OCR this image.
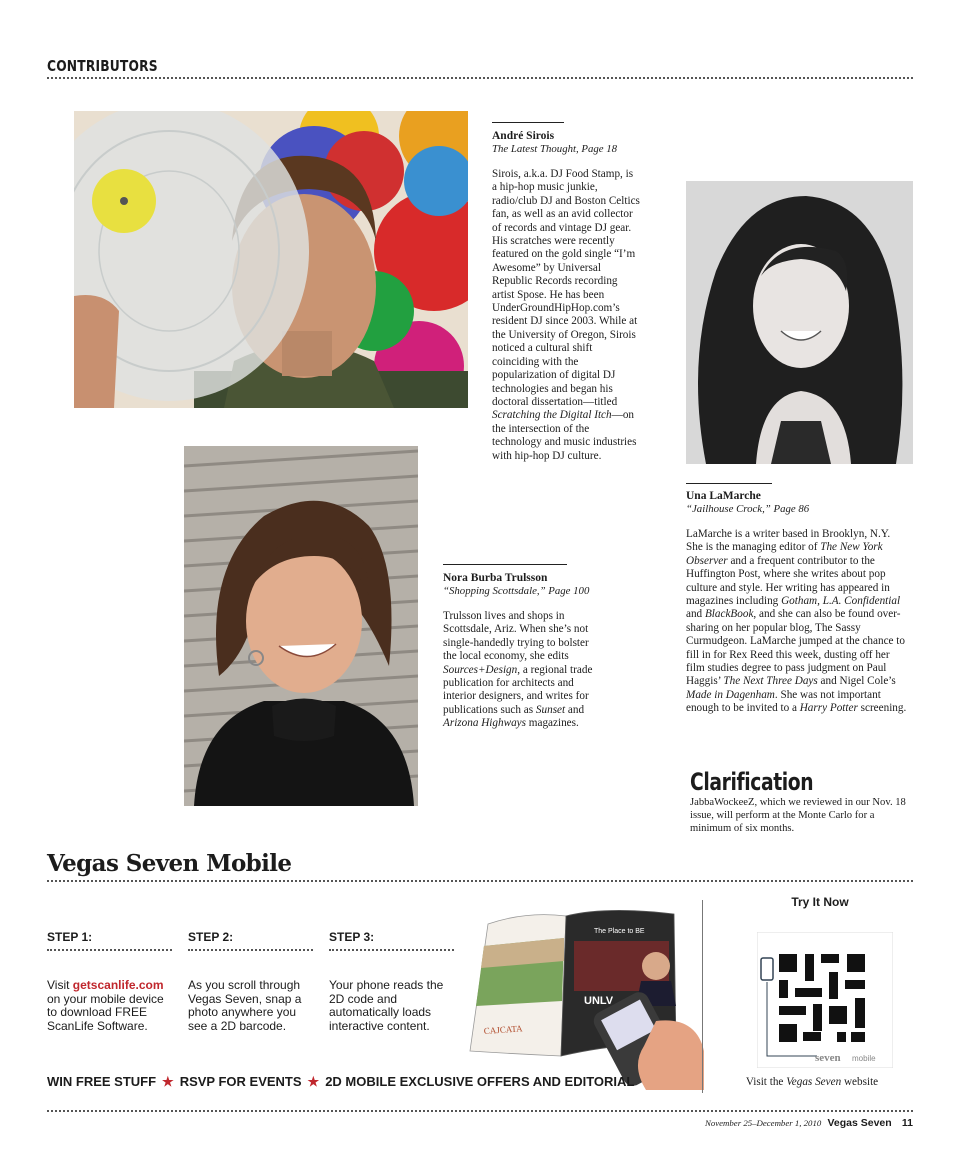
CONTRIBUTORS
André Sirois
The Latest Thought, Page 18
Sirois, a.k.a. DJ Food Stamp, is a hip-hop music junkie, radio/club DJ and Boston Celtics fan, as well as an avid collector of records and vintage DJ gear. His scratches were recently featured on the gold single “I’m Awesome” by Universal Republic Records recording artist Spose. He has been UnderGroundHipHop.com’s resident DJ since 2003. While at the University of Oregon, Sirois noticed a cultural shift coinciding with the popularization of digital DJ technologies and began his doctoral dissertation—titled Scratching the Digital Itch—on the intersection of the technology and music industries with hip-hop DJ culture.
Una LaMarche
“Jailhouse Crock,” Page 86
LaMarche is a writer based in Brooklyn, N.Y. She is the managing editor of The New York Observer and a frequent contributor to the Huffington Post, where she writes about pop culture and style. Her writing has appeared in magazines including Gotham, L.A. Confidential and BlackBook, and she can also be found over-sharing on her popular blog, The Sassy Curmudgeon. LaMarche jumped at the chance to fill in for Rex Reed this week, dusting off her film studies degree to pass judgment on Paul Haggis’ The Next Three Days and Nigel Cole’s Made in Dagenham. She was not important enough to be invited to a Harry Potter screening.
Nora Burba Trulsson
“Shopping Scottsdale,” Page 100
Trulsson lives and shops in Scottsdale, Ariz. When she’s not single-handedly trying to bolster the local economy, she edits Sources+Design, a regional trade publication for architects and interior designers, and writes for publications such as Sunset and Arizona Highways magazines.
Clarification
JabbaWockeeZ, which we reviewed in our Nov. 18 issue, will perform at the Monte Carlo for a minimum of six months.
Vegas Seven Mobile
STEP 1:
Visit getscanlife.com on your mobile device to download FREE ScanLife Software.
STEP 2:
As you scroll through Vegas Seven, snap a photo anywhere you see a 2D barcode.
STEP 3:
Your phone reads the 2D code and automatically loads interactive content.	CAJCATA
The Place to BE
UNLV
WIN FREE STUFF ★ RSVP FOR EVENTS ★ 2D MOBILE EXCLUSIVE OFFERS AND EDITORIAL
Try It Now
seven mobile
Visit the Vegas Seven website
November 25–December 1, 2010 Vegas Seven 11
